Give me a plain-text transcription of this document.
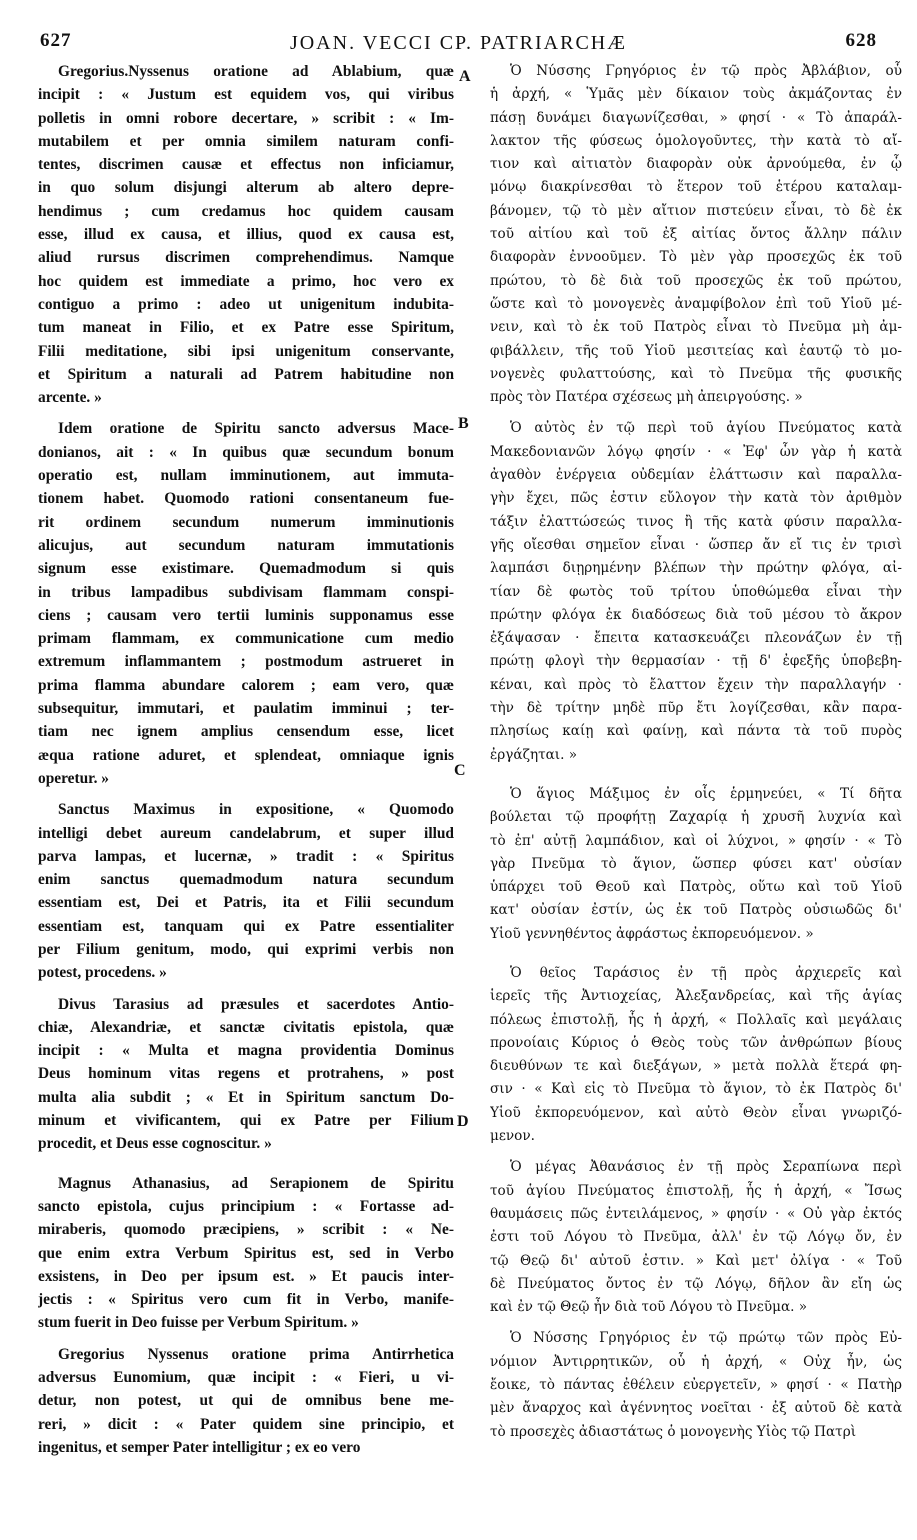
627	JOAN. VECCI CP. PATRIARCHÆ	628
Gregorius.Nyssenus oratione ad Ablabium, quæ
incipit : « Justum est equidem vos, qui viribus
polletis in omni robore decertare, » scribit : « Im-
mutabilem et per omnia similem naturam confi-
tentes, discrimen causæ et effectus non inficiamur,
in quo solum disjungi alterum ab altero depre-
hendimus ; cum credamus hoc quidem causam
esse, illud ex causa, et illius, quod ex causa est,
aliud rursus discrimen comprehendimus. Namque
hoc quidem est immediate a primo, hoc vero ex
contiguo a primo : adeo ut unigenitum indubita-
tum maneat in Filio, et ex Patre esse Spiritum,
Filii meditatione, sibi ipsi unigenitum conservante,
et Spiritum a naturali ad Patrem habitudine non
arcente. »
Idem oratione de Spiritu sancto adversus Mace-
donianos, ait : « In quibus quæ secundum bonum
operatio est, nullam imminutionem, aut immuta-
tionem habet. Quomodo rationi consentaneum fue-
rit ordinem secundum numerum imminutionis
alicujus, aut secundum naturam immutationis
signum esse existimare. Quemadmodum si quis
in tribus lampadibus subdivisam flammam conspi-
ciens ; causam vero tertii luminis supponamus esse
primam flammam, ex communicatione cum medio
extremum inflammantem ; postmodum astrueret in
prima flamma abundare calorem ; eam vero, quæ
subsequitur, immutari, et paulatim imminui ; ter-
tiam nec ignem amplius censendum esse, licet
æqua ratione aduret, et splendeat, omniaque ignis
operetur. »
Sanctus Maximus in expositione, « Quomodo
intelligi debet aureum candelabrum, et super illud
parva lampas, et lucernæ, » tradit : « Spiritus
enim sanctus quemadmodum natura secundum
essentiam est, Dei et Patris, ita et Filii secundum
essentiam est, tanquam qui ex Patre essentialiter
per Filium genitum, modo, qui exprimi verbis non
potest, procedens. »
Divus Tarasius ad præsules et sacerdotes Antio-
chiæ, Alexandriæ, et sanctæ civitatis epistola, quæ
incipit : « Multa et magna providentia Dominus
Deus hominum vitas regens et protrahens, » post
multa alia subdit ; « Et in Spiritum sanctum Do-
minum et vivificantem, qui ex Patre per Filium
procedit, et Deus esse cognoscitur. »
Magnus Athanasius, ad Serapionem de Spiritu
sancto epistola, cujus principium : « Fortasse ad-
miraberis, quomodo præcipiens, » scribit : « Ne-
que enim extra Verbum Spiritus est, sed in Verbo
exsistens, in Deo per ipsum est. » Et paucis inter-
jectis : « Spiritus vero cum fit in Verbo, manife-
stum fuerit in Deo fuisse per Verbum Spiritum. »
Gregorius Nyssenus oratione prima Antirrhetica
adversus Eunomium, quæ incipit : « Fieri, u vi-
detur, non potest, ut qui de omnibus bene me-
reri, » dicit : « Pater quidem sine principio, et
ingenitus, et semper Pater intelligitur ; ex eo vero
Ὁ Νύσσης Γρηγόριος ἐν τῷ πρὸς Ἀβλάβιον, οὗ
ἡ ἀρχή, « Ὑμᾶς μὲν δίκαιον τοὺς ἀκμάζοντας ἐν
πάσῃ δυνάμει διαγωνίζεσθαι, » φησί · « Τὸ ἀπαράλ-
λακτον τῆς φύσεως ὁμολογοῦντες, τὴν κατὰ τὸ αἴ-
τιον καὶ αἰτιατὸν διαφορὰν οὐκ ἀρνούμεθα, ἐν ᾧ
μόνῳ διακρίνεσθαι τὸ ἕτερον τοῦ ἑτέρου καταλαμ-
βάνομεν, τῷ τὸ μὲν αἴτιον πιστεύειν εἶναι, τὸ δὲ ἐκ
τοῦ αἰτίου καὶ τοῦ ἐξ αἰτίας ὄντος ἄλλην πάλιν
διαφορὰν ἐννοοῦμεν. Τὸ μὲν γὰρ προσεχῶς ἐκ τοῦ
πρώτου, τὸ δὲ διὰ τοῦ προσεχῶς ἐκ τοῦ πρώτου,
ὥστε καὶ τὸ μονογενὲς ἀναμφίβολον ἐπὶ τοῦ Υἱοῦ μέ-
νειν, καὶ τὸ ἐκ τοῦ Πατρὸς εἶναι τὸ Πνεῦμα μὴ ἀμ-
φιβάλλειν, τῆς τοῦ Υἱοῦ μεσιτείας καὶ ἑαυτῷ τὸ μο-
νογενὲς φυλαττούσης, καὶ τὸ Πνεῦμα τῆς φυσικῆς
πρὸς τὸν Πατέρα σχέσεως μὴ ἀπειργούσης. »
Ὁ αὐτὸς ἐν τῷ περὶ τοῦ ἁγίου Πνεύματος κατὰ
Μακεδονιανῶν λόγῳ φησίν · « Ἐφ' ὧν γὰρ ἡ κατὰ
ἀγαθὸν ἐνέργεια οὐδεμίαν ἐλάττωσιν καὶ παραλλα-
γὴν ἔχει, πῶς ἐστιν εὔλογον τὴν κατὰ τὸν ἀριθμὸν
τάξιν ἐλαττώσεώς τινος ἢ τῆς κατὰ φύσιν παραλλα-
γῆς οἴεσθαι σημεῖον εἶναι · ὥσπερ ἄν εἴ τις ἐν τρισὶ
λαμπάσι διῃρημένην βλέπων τὴν πρώτην φλόγα, αἰ-
τίαν δὲ φωτὸς τοῦ τρίτου ὑποθώμεθα εἶναι τὴν
πρώτην φλόγα ἐκ διαδόσεως διὰ τοῦ μέσου τὸ ἄκρον
ἐξάψασαν · ἔπειτα κατασκευάζει πλεονάζων ἐν τῇ
πρώτῃ φλογὶ τὴν θερμασίαν · τῇ δ' ἐφεξῆς ὑποβεβη-
κέναι, καὶ πρὸς τὸ ἔλαττον ἔχειν τὴν παραλλαγήν ·
τὴν δὲ τρίτην μηδὲ πῦρ ἔτι λογίζεσθαι, κἂν παρα-
πλησίως καίῃ καὶ φαίνῃ, καὶ πάντα τὰ τοῦ πυρὸς
ἐργάζηται. »
Ὁ ἅγιος Μάξιμος ἐν οἷς ἑρμηνεύει, « Τί δῆτα
βούλεται τῷ προφήτῃ Ζαχαρίᾳ ἡ χρυσῆ λυχνία καὶ
τὸ ἐπ' αὐτῇ λαμπάδιον, καὶ οἱ λύχνοι, » φησίν · « Τὸ
γὰρ Πνεῦμα τὸ ἅγιον, ὥσπερ φύσει κατ' οὐσίαν
ὑπάρχει τοῦ Θεοῦ καὶ Πατρὸς, οὕτω καὶ τοῦ Υἱοῦ
κατ' οὐσίαν ἐστίν, ὡς ἐκ τοῦ Πατρὸς οὐσιωδῶς δι'
Υἱοῦ γεννηθέντος ἀφράστως ἐκπορευόμενον. »
Ὁ θεῖος Ταράσιος ἐν τῇ πρὸς ἀρχιερεῖς καὶ
ἱερεῖς τῆς Ἀντιοχείας, Ἀλεξανδρείας, καὶ τῆς ἁγίας
πόλεως ἐπιστολῇ, ἧς ἡ ἀρχή, « Πολλαῖς καὶ μεγάλαις
προνοίαις Κύριος ὁ Θεὸς τοὺς τῶν ἀνθρώπων βίους
διευθύνων τε καὶ διεξάγων, » μετὰ πολλὰ ἕτερά φη-
σιν · « Καὶ εἰς τὸ Πνεῦμα τὸ ἅγιον, τὸ ἐκ Πατρὸς δι'
Υἱοῦ ἐκπορευόμενον, καὶ αὐτὸ Θεὸν εἶναι γνωριζό-
μενον.
Ὁ μέγας Ἀθανάσιος ἐν τῇ πρὸς Σεραπίωνα περὶ
τοῦ ἁγίου Πνεύματος ἐπιστολῇ, ἧς ἡ ἀρχή, « Ἴσως
θαυμάσεις πῶς ἐντειλάμενος, » φησίν · « Οὐ γὰρ ἐκτός
ἐστι τοῦ Λόγου τὸ Πνεῦμα, ἀλλ' ἐν τῷ Λόγῳ ὄν, ἐν
τῷ Θεῷ δι' αὐτοῦ ἐστιν. » Καὶ μετ' ὀλίγα · « Τοῦ
δὲ Πνεύματος ὄντος ἐν τῷ Λόγῳ, δῆλον ἂν εἴη ὡς
καὶ ἐν τῷ Θεῷ ἦν διὰ τοῦ Λόγου τὸ Πνεῦμα. »
Ὁ Νύσσης Γρηγόριος ἐν τῷ πρώτῳ τῶν πρὸς Εὐ-
νόμιον Ἀντιρρητικῶν, οὗ ἡ ἀρχή, « Οὐχ ἦν, ὡς
ἔοικε, τὸ πάντας ἐθέλειν εὐεργετεῖν, » φησί · « Πατὴρ
μὲν ἄναρχος καὶ ἀγέννητος νοεῖται · ἐξ αὐτοῦ δὲ κατὰ
τὸ προσεχὲς ἀδιαστάτως ὁ μονογενὴς Υἱὸς τῷ Πατρὶ
A
B
C
D
